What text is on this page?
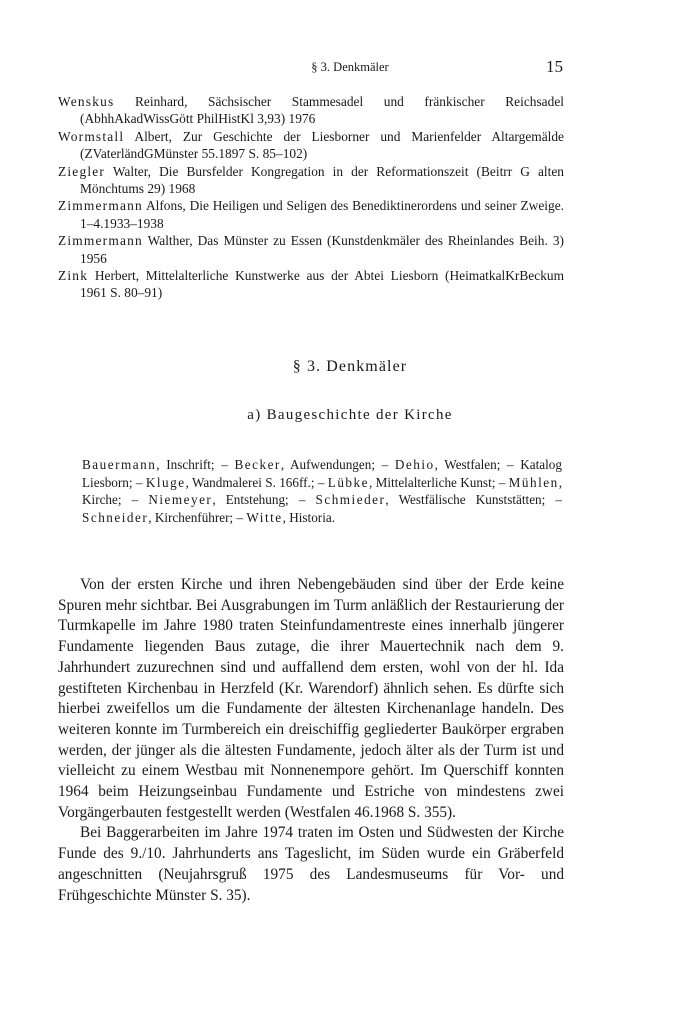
§ 3. Denkmäler	15

Wenskus Reinhard, Sächsischer Stammesadel und fränkischer Reichsadel (AbhhAkadWissGött PhilHistKl 3,93) 1976

Wormstall Albert, Zur Geschichte der Liesborner und Marienfelder Altargemälde (ZVaterländGMünster 55.1897 S. 85–102)

Ziegler Walter, Die Bursfelder Kongregation in der Reformationszeit (Beitrr G alten Mönchtums 29) 1968

Zimmermann Alfons, Die Heiligen und Seligen des Benediktinerordens und seiner Zweige. 1–4.1933–1938

Zimmermann Walther, Das Münster zu Essen (Kunstdenkmäler des Rheinlandes Beih. 3) 1956

Zink Herbert, Mittelalterliche Kunstwerke aus der Abtei Liesborn (HeimatkalKrBeckum 1961 S. 80–91)

§ 3. Denkmäler
a) Baugeschichte der Kirche
Bauermann, Inschrift; – Becker, Aufwendungen; – Dehio, Westfalen; – Katalog Liesborn; – Kluge, Wandmalerei S. 166ff.; – Lübke, Mittelalterliche Kunst; – Mühlen, Kirche; – Niemeyer, Entstehung; – Schmieder, Westfälische Kunststätten; – Schneider, Kirchenführer; – Witte, Historia.

Von der ersten Kirche und ihren Nebengebäuden sind über der Erde keine Spuren mehr sichtbar. Bei Ausgrabungen im Turm anläßlich der Restaurierung der Turmkapelle im Jahre 1980 traten Steinfundamentreste eines innerhalb jüngerer Fundamente liegenden Baus zutage, die ihrer Mauertechnik nach dem 9. Jahrhundert zuzurechnen sind und auffallend dem ersten, wohl von der hl. Ida gestifteten Kirchenbau in Herzfeld (Kr. Warendorf) ähnlich sehen. Es dürfte sich hierbei zweifellos um die Fundamente der ältesten Kirchenanlage handeln. Des weiteren konnte im Turmbereich ein dreischiffig gegliederter Baukörper ergraben werden, der jünger als die ältesten Fundamente, jedoch älter als der Turm ist und vielleicht zu einem Westbau mit Nonnenempore gehört. Im Querschiff konnten 1964 beim Heizungseinbau Fundamente und Estriche von mindestens zwei Vorgängerbauten festgestellt werden (Westfalen 46.1968 S. 355).

Bei Baggerarbeiten im Jahre 1974 traten im Osten und Südwesten der Kirche Funde des 9./10. Jahrhunderts ans Tageslicht, im Süden wurde ein Gräberfeld angeschnitten (Neujahrsgruß 1975 des Landesmuseums für Vor- und Frühgeschichte Münster S. 35).
